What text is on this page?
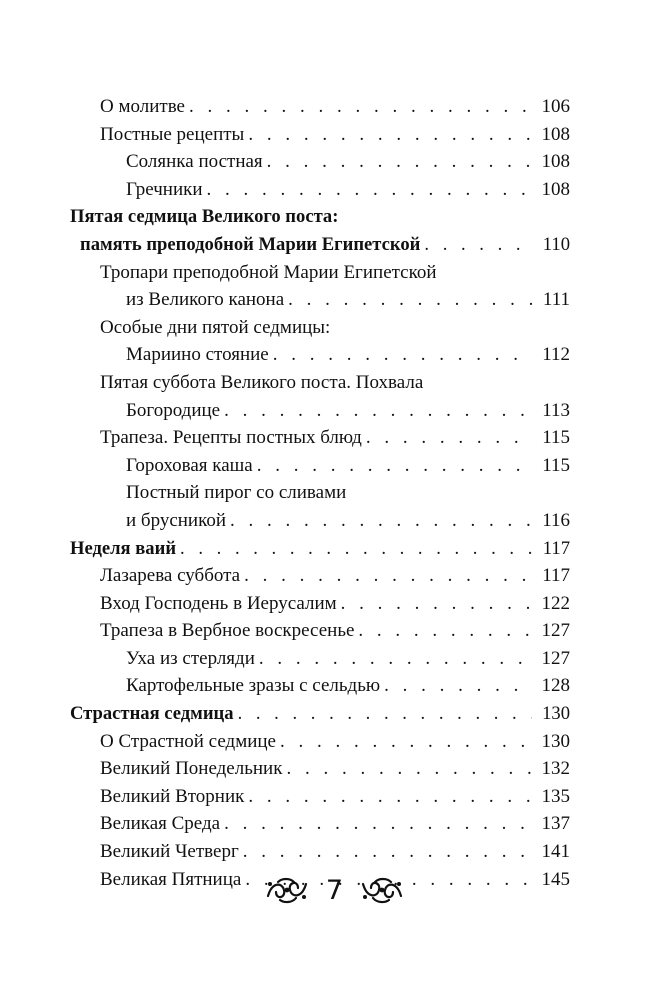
О молитве . . .	106
Постные рецепты . . .	108
Солянка постная . . .	108
Гречники . . .	108
Пятая седмица Великого поста:
память преподобной Марии Египетской . . .	110
Тропари преподобной Марии Египетской
из Великого канона . . .	111
Особые дни пятой седмицы:
Мариино стояние . . .	112
Пятая суббота Великого поста. Похвала
Богородице . . .	113
Трапеза. Рецепты постных блюд . . .	115
Гороховая каша . . .	115
Постный пирог со сливами
и брусникой . . .	116
Неделя ваий . . .	117
Лазарева суббота . . .	117
Вход Господень в Иерусалим . . .	122
Трапеза в Вербное воскресенье . . .	127
Уха из стерляди . . .	127
Картофельные зразы с сельдью . . .	128
Страстная седмица . . .	130
О Страстной седмице . . .	130
Великий Понедельник . . .	132
Великий Вторник . . .	135
Великая Среда . . .	137
Великий Четверг . . .	141
Великая Пятница . . .	145
7
